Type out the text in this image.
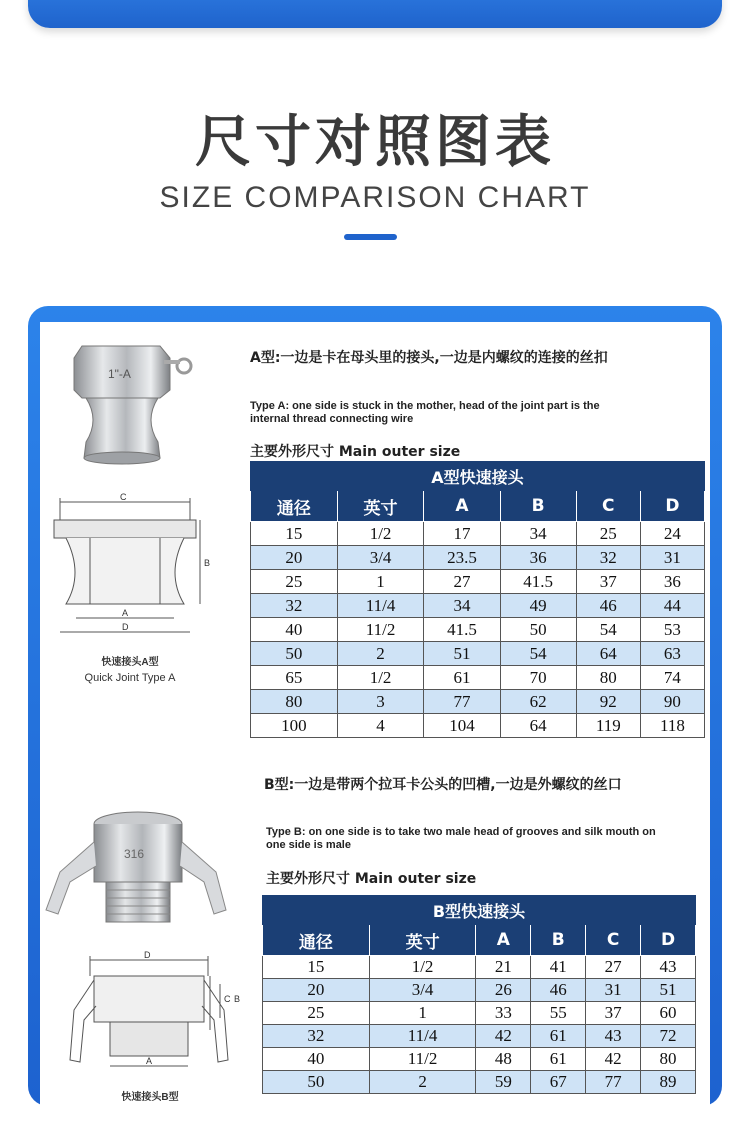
尺寸对照图表
SIZE COMPARISON CHART
1"-A
C
B
A
D
快速接头A型
Quick Joint Type A
A型:一边是卡在母头里的接头,一边是内螺纹的连接的丝扣
Type A: one side is stuck in the mother, head of the joint part is the
internal thread connecting wire
主要外形尺寸 Main outer size
A型快速接头					
通径	英寸	A	B	C	D
15	1/2	17	34	25	24
20	3/4	23.5	36	32	31
25	1	27	41.5	37	36
32	11/4	34	49	46	44
40	11/2	41.5	50	54	53
50	2	51	54	64	63
65	1/2	61	70	80	74
80	3	77	62	92	90
100	4	104	64	119	118
316
D
C B
A
快速接头B型
B型:一边是带两个拉耳卡公头的凹槽,一边是外螺纹的丝口
Type B: on one side is to take two male head of grooves and silk mouth on
one side is male
主要外形尺寸 Main outer size
B型快速接头					
通径	英寸	A	B	C	D
15	1/2	21	41	27	43
20	3/4	26	46	31	51
25	1	33	55	37	60
32	11/4	42	61	43	72
40	11/2	48	61	42	80
50	2	59	67	77	89
